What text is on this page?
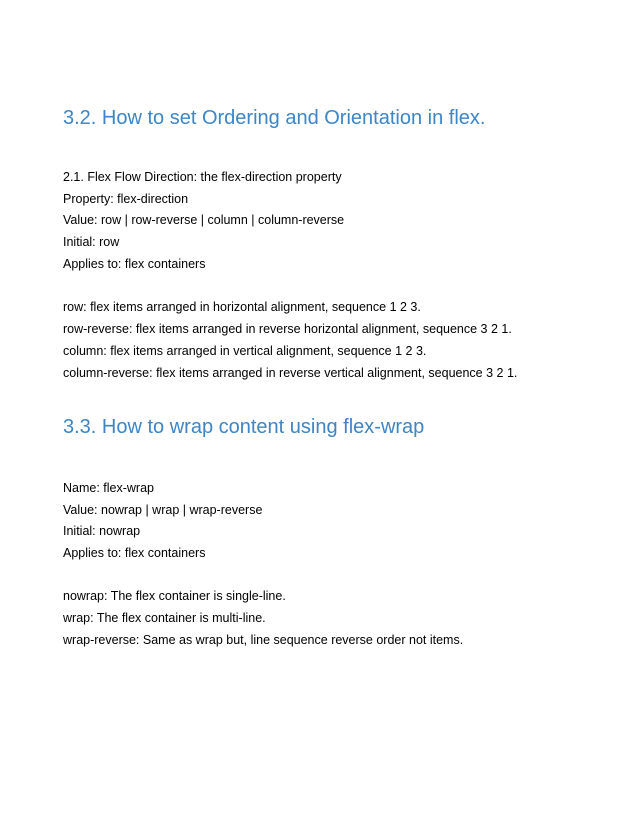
3.2. How to set Ordering and Orientation in flex.

2.1. Flex Flow Direction: the flex-direction property

Property: flex-direction

Value: row | row-reverse | column | column-reverse

Initial: row

Applies to: flex containers

row: flex items arranged in horizontal alignment, sequence 1 2 3.

row-reverse: flex items arranged in reverse horizontal alignment, sequence 3 2 1.

column: flex items arranged in vertical alignment, sequence 1 2 3.

column-reverse: flex items arranged in reverse vertical alignment, sequence 3 2 1.

3.3. How to wrap content using flex-wrap

Name: flex-wrap

Value: nowrap | wrap | wrap-reverse

Initial: nowrap

Applies to: flex containers

nowrap: The flex container is single-line.

wrap: The flex container is multi-line.

wrap-reverse: Same as wrap but, line sequence reverse order not items.
